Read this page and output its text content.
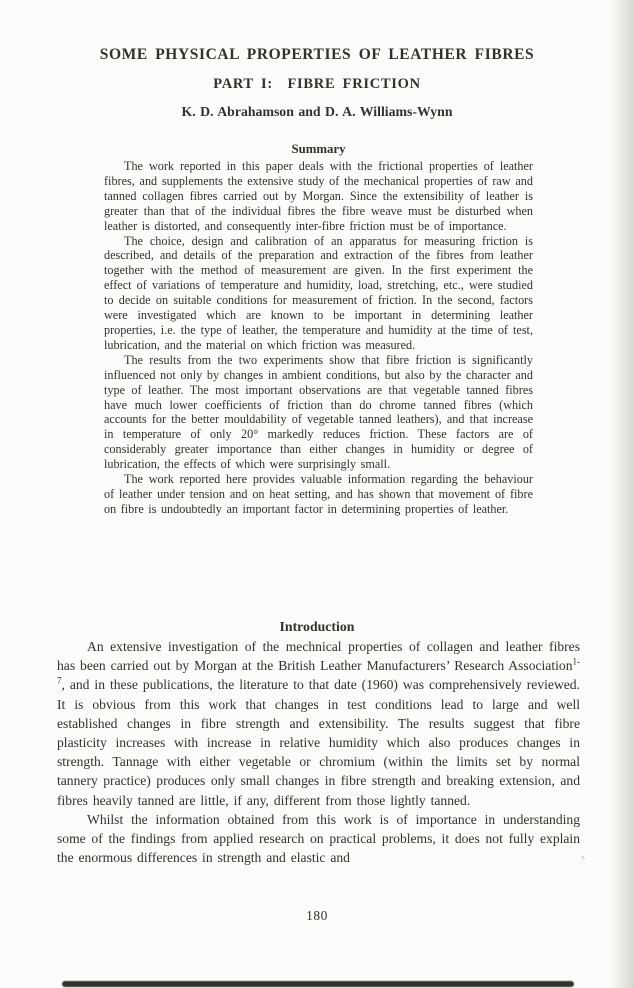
SOME PHYSICAL PROPERTIES OF LEATHER FIBRES
PART I:  FIBRE FRICTION
K. D. Abrahamson and D. A. Williams-Wynn
Summary

The work reported in this paper deals with the frictional properties of leather fibres, and supplements the extensive study of the mechanical properties of raw and tanned collagen fibres carried out by Morgan. Since the extensibility of leather is greater than that of the individual fibres the fibre weave must be disturbed when leather is distorted, and consequently inter-fibre friction must be of importance.

The choice, design and calibration of an apparatus for measuring friction is described, and details of the preparation and extraction of the fibres from leather together with the method of measurement are given. In the first experiment the effect of variations of temperature and humidity, load, stretching, etc., were studied to decide on suitable conditions for measurement of friction. In the second, factors were investigated which are known to be important in determining leather properties, i.e. the type of leather, the temperature and humidity at the time of test, lubrication, and the material on which friction was measured.

The results from the two experiments show that fibre friction is significantly influenced not only by changes in ambient conditions, but also by the character and type of leather. The most important observations are that vegetable tanned fibres have much lower coefficients of friction than do chrome tanned fibres (which accounts for the better mouldability of vegetable tanned leathers), and that increase in temperature of only 20° markedly reduces friction. These factors are of considerably greater importance than either changes in humidity or degree of lubrication, the effects of which were surprisingly small.

The work reported here provides valuable information regarding the behaviour of leather under tension and on heat setting, and has shown that movement of fibre on fibre is undoubtedly an important factor in determining properties of leather.

Introduction

An extensive investigation of the mechnical properties of collagen and leather fibres has been carried out by Morgan at the British Leather Manufacturers’ Research Association$^{1-7}$, and in these publications, the literature to that date (1960) was comprehensively reviewed. It is obvious from this work that changes in test conditions lead to large and well established changes in fibre strength and extensibility. The results suggest that fibre plasticity increases with increase in relative humidity which also produces changes in strength. Tannage with either vegetable or chromium (within the limits set by normal tannery practice) produces only small changes in fibre strength and breaking extension, and fibres heavily tanned are little, if any, different from those lightly tanned.

Whilst the information obtained from this work is of importance in understanding some of the findings from applied research on practical problems, it does not fully explain the enormous differences in strength and elastic and

180
+
